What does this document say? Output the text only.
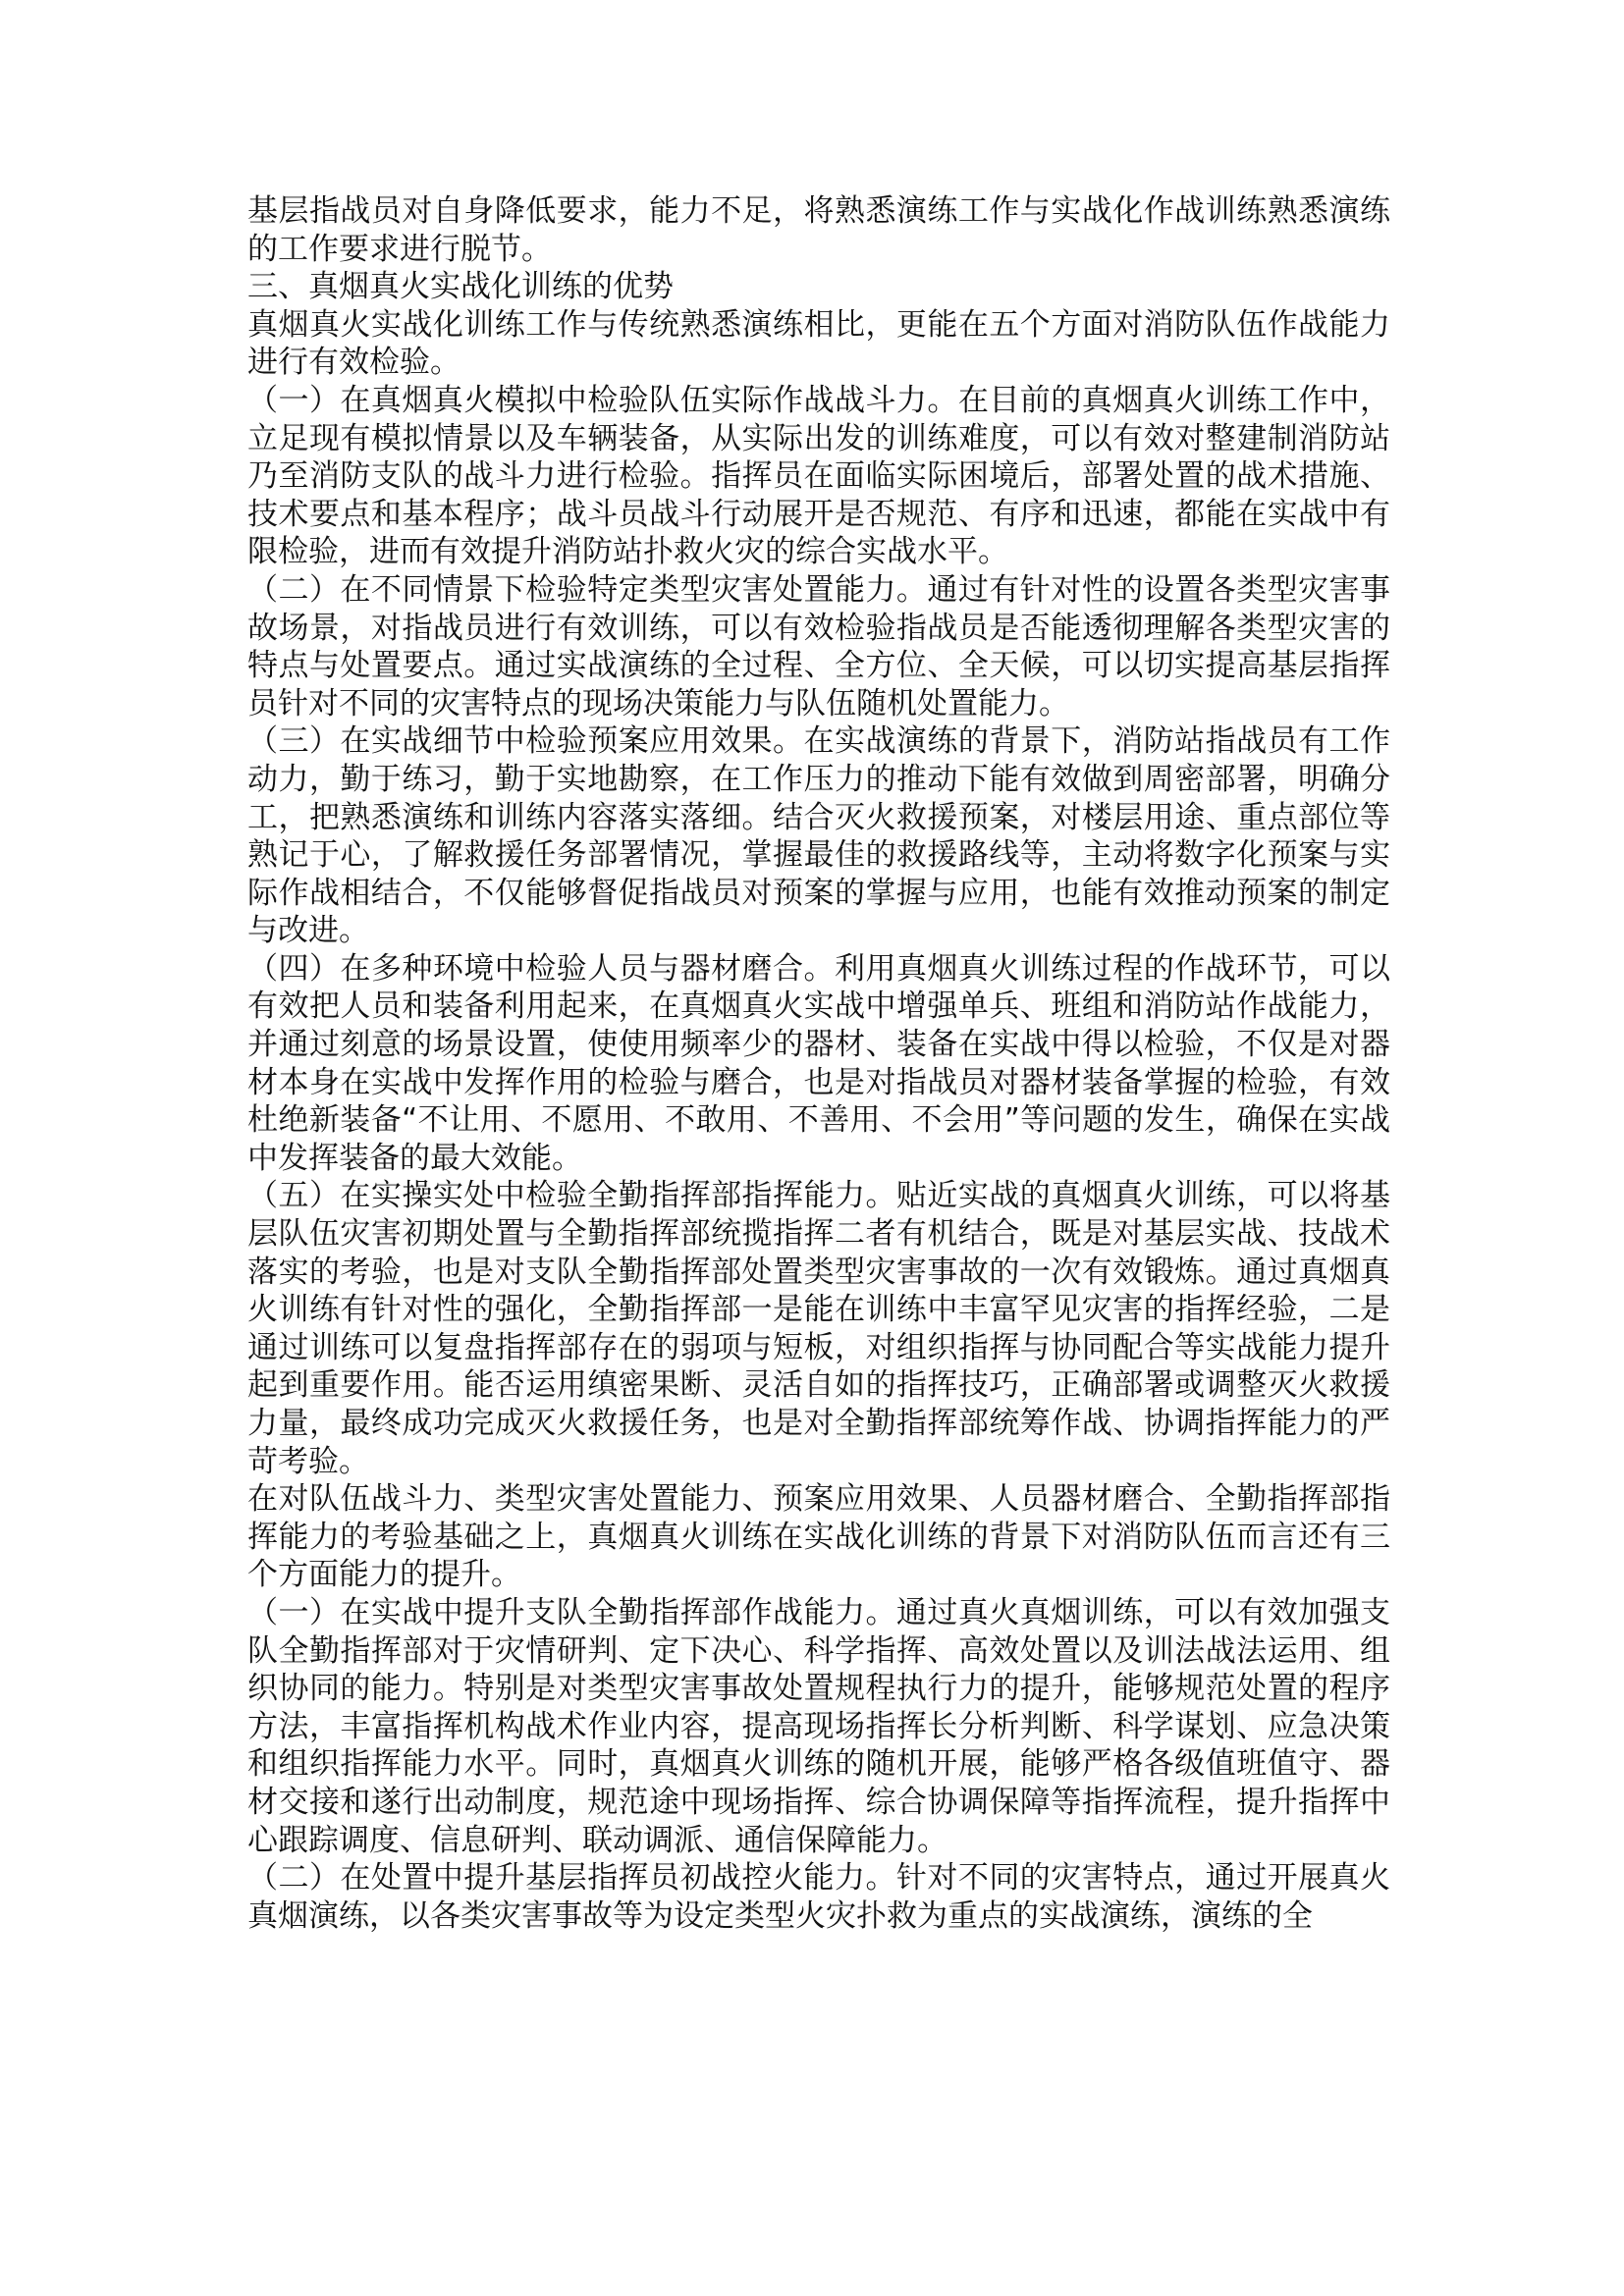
基层指战员对自身降低要求，能力不足，将熟悉演练工作与实战化作战训练熟悉演练的工作要求进行脱节。

三、真烟真火实战化训练的优势

真烟真火实战化训练工作与传统熟悉演练相比，更能在五个方面对消防队伍作战能力进行有效检验。

（一）在真烟真火模拟中检验队伍实际作战战斗力。在目前的真烟真火训练工作中，立足现有模拟情景以及车辆装备，从实际出发的训练难度，可以有效对整建制消防站乃至消防支队的战斗力进行检验。指挥员在面临实际困境后，部署处置的战术措施、技术要点和基本程序；战斗员战斗行动展开是否规范、有序和迅速，都能在实战中有限检验，进而有效提升消防站扑救火灾的综合实战水平。

（二）在不同情景下检验特定类型灾害处置能力。通过有针对性的设置各类型灾害事故场景，对指战员进行有效训练，可以有效检验指战员是否能透彻理解各类型灾害的特点与处置要点。通过实战演练的全过程、全方位、全天候，可以切实提高基层指挥员针对不同的灾害特点的现场决策能力与队伍随机处置能力。

（三）在实战细节中检验预案应用效果。在实战演练的背景下，消防站指战员有工作动力，勤于练习，勤于实地勘察，在工作压力的推动下能有效做到周密部署，明确分工，把熟悉演练和训练内容落实落细。结合灭火救援预案，对楼层用途、重点部位等熟记于心，了解救援任务部署情况，掌握最佳的救援路线等，主动将数字化预案与实际作战相结合，不仅能够督促指战员对预案的掌握与应用，也能有效推动预案的制定与改进。

（四）在多种环境中检验人员与器材磨合。利用真烟真火训练过程的作战环节，可以有效把人员和装备利用起来，在真烟真火实战中增强单兵、班组和消防站作战能力，并通过刻意的场景设置，使使用频率少的器材、装备在实战中得以检验，不仅是对器材本身在实战中发挥作用的检验与磨合，也是对指战员对器材装备掌握的检验，有效杜绝新装备“不让用、不愿用、不敢用、不善用、不会用”等问题的发生，确保在实战中发挥装备的最大效能。

（五）在实操实处中检验全勤指挥部指挥能力。贴近实战的真烟真火训练，可以将基层队伍灾害初期处置与全勤指挥部统揽指挥二者有机结合，既是对基层实战、技战术落实的考验，也是对支队全勤指挥部处置类型灾害事故的一次有效锻炼。通过真烟真火训练有针对性的强化，全勤指挥部一是能在训练中丰富罕见灾害的指挥经验，二是通过训练可以复盘指挥部存在的弱项与短板，对组织指挥与协同配合等实战能力提升起到重要作用。能否运用缜密果断、灵活自如的指挥技巧，正确部署或调整灭火救援力量，最终成功完成灭火救援任务，也是对全勤指挥部统筹作战、协调指挥能力的严苛考验。

在对队伍战斗力、类型灾害处置能力、预案应用效果、人员器材磨合、全勤指挥部指挥能力的考验基础之上，真烟真火训练在实战化训练的背景下对消防队伍而言还有三个方面能力的提升。

（一）在实战中提升支队全勤指挥部作战能力。通过真火真烟训练，可以有效加强支队全勤指挥部对于灾情研判、定下决心、科学指挥、高效处置以及训法战法运用、组织协同的能力。特别是对类型灾害事故处置规程执行力的提升，能够规范处置的程序方法，丰富指挥机构战术作业内容，提高现场指挥长分析判断、科学谋划、应急决策和组织指挥能力水平。同时，真烟真火训练的随机开展，能够严格各级值班值守、器材交接和遂行出动制度，规范途中现场指挥、综合协调保障等指挥流程，提升指挥中心跟踪调度、信息研判、联动调派、通信保障能力。

（二）在处置中提升基层指挥员初战控火能力。针对不同的灾害特点，通过开展真火真烟演练，以各类灾害事故等为设定类型火灾扑救为重点的实战演练，演练的全
